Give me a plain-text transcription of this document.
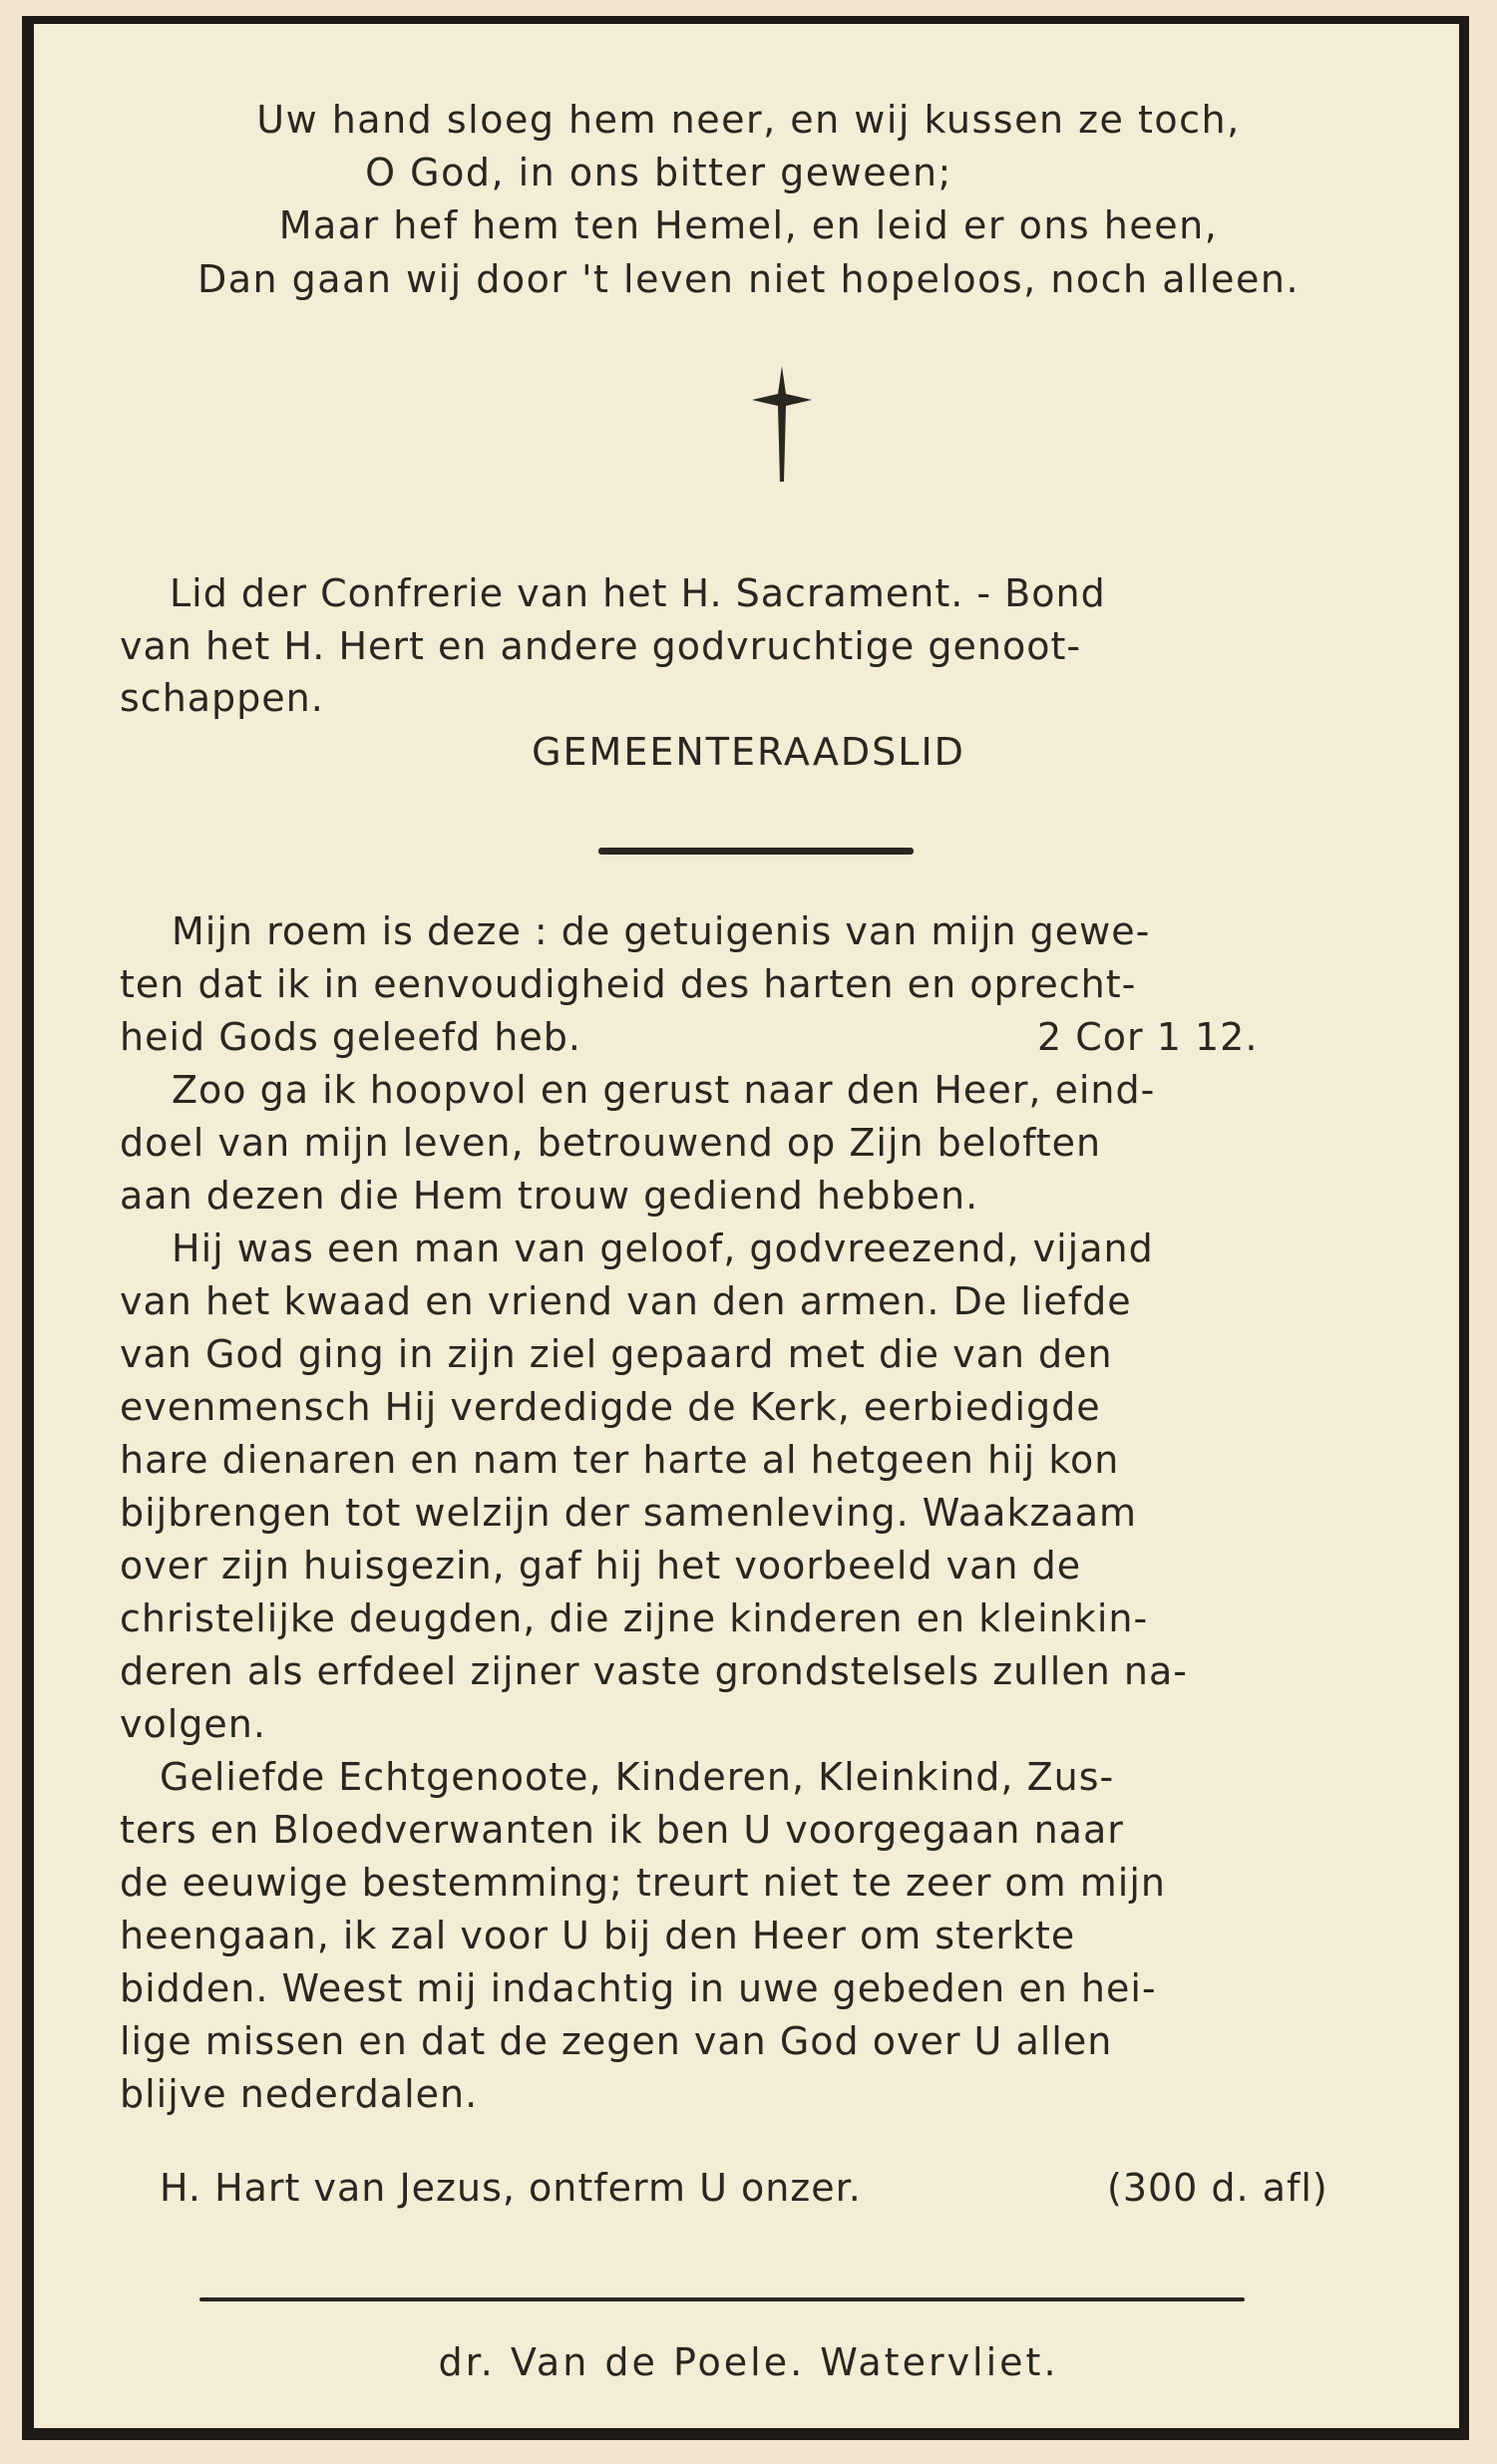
Uw hand sloeg hem neer, en wij kussen ze toch,
O God, in ons bitter geween;
Maar hef hem ten Hemel, en leid er ons heen,
Dan gaan wij door 't leven niet hopeloos, noch alleen.
Lid der Confrerie van het H. Sacrament. - Bond
van het H. Hert en andere godvruchtige genoot-
schappen.
GEMEENTERAADSLID
Mijn roem is deze : de getuigenis van mijn gewe-
ten dat ik in eenvoudigheid des harten en oprecht-
heid Gods geleefd heb.	2 Cor 1 12.
Zoo ga ik hoopvol en gerust naar den Heer, eind-
doel van mijn leven, betrouwend op Zijn beloften
aan dezen die Hem trouw gediend hebben.
Hij was een man van geloof, godvreezend, vijand
van het kwaad en vriend van den armen. De liefde
van God ging in zijn ziel gepaard met die van den
evenmensch Hij verdedigde de Kerk, eerbiedigde
hare dienaren en nam ter harte al hetgeen hij kon
bijbrengen tot welzijn der samenleving. Waakzaam
over zijn huisgezin, gaf hij het voorbeeld van de
christelijke deugden, die zijne kinderen en kleinkin-
deren als erfdeel zijner vaste grondstelsels zullen na-
volgen.
Geliefde Echtgenoote, Kinderen, Kleinkind, Zus-
ters en Bloedverwanten ik ben U voorgegaan naar
de eeuwige bestemming; treurt niet te zeer om mijn
heengaan, ik zal voor U bij den Heer om sterkte
bidden. Weest mij indachtig in uwe gebeden en hei-
lige missen en dat de zegen van God over U allen
blijve nederdalen.
H. Hart van Jezus, ontferm U onzer.	(300 d. afl)
dr. Van de Poele. Watervliet.
